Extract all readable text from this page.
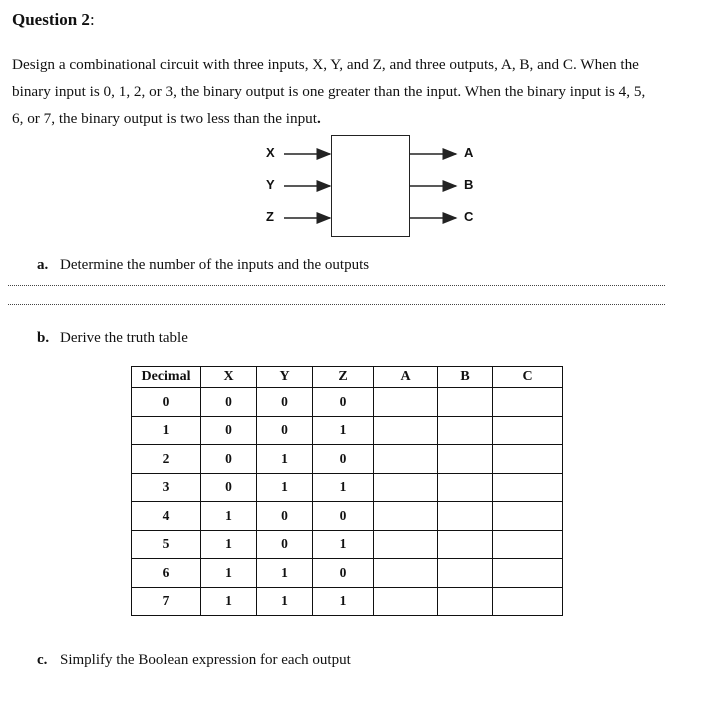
Question 2:
Design a combinational circuit with three inputs, X, Y, and Z, and three outputs, A, B, and C. When the
binary input is 0, 1, 2, or 3, the binary output is one greater than the input. When the binary input is 4, 5,
6, or 7, the binary output is two less than the input.
X
Y
Z
A
B
C
a. Determine the number of the inputs and the outputs
b. Derive the truth table
Decimal	X	Y	Z	A	B	C
0	0	0	0			
1	0	0	1			
2	0	1	0			
3	0	1	1			
4	1	0	0			
5	1	0	1			
6	1	1	0			
7	1	1	1			
c. Simplify the Boolean expression for each output
